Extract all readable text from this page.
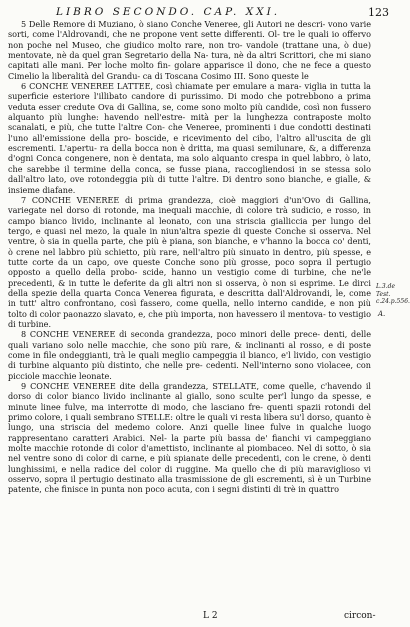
LIBRO SECONDO. CAP. XXI.	123

5 Delle Remore di Muziano, ò siano Conche Veneree, gli Autori ne descri- vono varie sorti, come l'Aldrovandi, che ne propone vent sette differenti. Ol- tre le quali io offervo non poche nel Museo, che giudico molto rare, non tro- vandole (trattane una, ò due) mentovate, nè da quel gran Segretario della Na- tura, nè da altri Scrittori, che mi siano capitati alle mani. Per loche molto fin- golare apparisce il dono, che ne fece a questo Cimelio la liberalità del Grandu- ca di Toscana Cosimo III. Sono queste le

6 CONCHE VENEREE LATTEE, così chiamate per emulare a mara- viglia in tutta la superficie esteriore l'illibato candore di purissimo. Di modo che potrebbono a prima veduta esser credute Ova di Gallina, se, come sono molto più candide, così non fussero alquanto più lunghe: havendo nell'estre- mità per la lunghezza contraposte molto scanalati, e più, che tutte l'altre Con- che Veneree, prominenti i due condotti destinati l'uno all'emissione della pro- boscide, e ricevimento del cibo, l'altro all'uscita de gli escrementi. L'apertu- ra della bocca non è dritta, ma quasi semilunare, &, a differenza d'ogni Conca congenere, non è dentata, ma solo alquanto crespa in quel labbro, ò lato, che sarebbe il termine della conca, se fusse piana, raccogliendosi in se stessa solo dall'altro lato, ove rotondeggia più di tutte l'altre. Di dentro sono bianche, e gialle, & insieme diafane.

7 CONCHE VENEREE di prima grandezza, cioè maggiori d'un'Ovo di Gallina, variegate nel dorso di rotonde, ma inequali macchie, di colore trà sudicio, e rosso, in campo bianco livido, inclinante al leonato, con una striscia gialliccia per lungo del tergo, e quasi nel mezo, la quale in niun'altra spezie di queste Conche si osserva. Nel ventre, ò sia in quella parte, che più è piana, son bianche, e v'hanno la bocca co' denti, ò crene nel labbro più schietto, più rare, nell'altro più sinuato in dentro, più spesse, e tutte corte da un capo, ove queste Conche sono più grosse, poco sopra il pertugio opposto a quello della probo- scide, hanno un vestigio come di turbine, che ne'le precedenti, & in tutte le deferite da gli altri non si osserva, ò non si esprime. Le dirci della spezie della quarta Conca Venerea figurata, e descritta dall'Aldrovandi, le, come in tutt' altro confrontano, così fassero, come quella, nello interno candide, e non più tolto di color paonazzo slavato, e, che più importa, non havessero il mentova- to vestigio di turbine.

8 CONCHE VENEREE di seconda grandezza, poco minori delle prece- denti, delle quali variano solo nelle macchie, che sono più rare, & inclinanti al rosso, e di poste come in file ondeggianti, trà le quali meglio campeggia il bianco, e'l livido, con vestigio di turbine alquanto più distinto, che nelle pre- cedenti. Nell'interno sono violacee, con picciole macchie leonate.

9 CONCHE VENEREE dite della grandezza, STELLATE, come quelle, c'havendo il dorso di color bianco livido inclinante al giallo, sono sculte per'l lungo da spesse, e minute linee fulve, ma interrotte di modo, che lasciano fre- quenti spazii rotondi del primo colore, i quali sembrano STELLE: oltre le quali vi resta libera su'l dorso, quanto è lungo, una striscia del medemo colore. Anzi quelle linee fulve in qualche luogo rappresentano caratteri Arabici. Nel- la parte più bassa de' fianchi vi campeggiano molte macchie rotonde di color d'amettisto, inclinante al piombaceo. Nel di sotto, ò sia nel ventre sono di color di carne, e più spianate delle precedenti, con le crene, ò denti lunghissimi, e nella radice del color di ruggine. Ma quello che di più maraviglioso vi osservo, sopra il pertugio destinato alla trasmissione de gli escrementi, sì è un Turbine patente, che finisce in punta non poco acuta, con i segni distinti di trè in quattro

L.3.de Test. c.24.p.556.
A.
L 2	circon-
